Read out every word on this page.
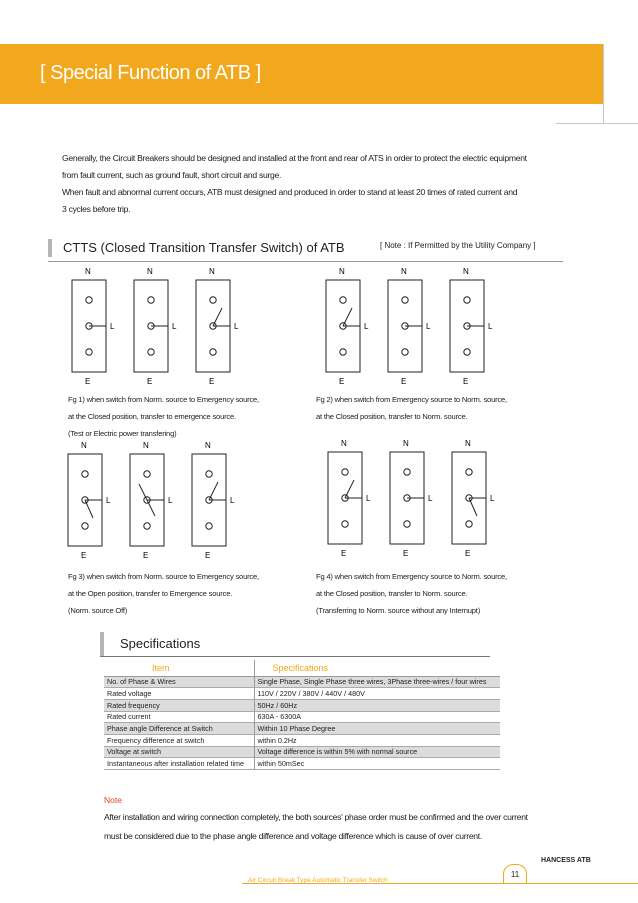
[ Special Function of ATB ]
Generally, the Circuit Breakers should be designed and installed at the front and rear of ATS in order to protect the electric equipment
from fault current, such as ground fault, short circuit and surge.
When fault and abnormal current occurs, ATB must designed and produced in order to stand at least 20 times of rated current and
3 cycles before trip.
CTTS (Closed Transition Transfer Switch) of ATB	[ Note : If Permitted by the Utility Company ]
N
E
L
N
E
L
N
E
L
N
E
L
N
E
L
N
E
L
N
E
L
N
E
L
N
E
L
N
E
L
N
E
L
N
E
L
Fg 1) when switch from Norm. source to Emergency source,
at the Closed position, transfer to emergence source.
(Test or Electric power transfering)
Fg 2) when switch from Emergency source to Norm. source,
at the Closed position, transfer to Norm. source.
Fg 3) when switch from Norm. source to Emergency source,
at the Open position, transfer to Emergence source.
(Norm. source Off)
Fg 4) when switch from Emergency source to Norm. source,
at the Closed position, transfer to Norm. source.
(Transferring to Norm. source without any Internupt)
Specifications
Item	Specifications
No. of Phase & Wires	Single Phase, Single Phase three wires, 3Phase three-wires / four wires
Rated voltage	110V / 220V / 380V / 440V / 480V
Rated frequency	50Hz / 60Hz
Rated current	630A - 6300A
Phase angle Difference at Switch	Within 10 Phase Degree
Frequency difference at switch	within 0.2Hz
Voltage at switch	Voltage difference is within 5% with normal source
Instantaneous after installation related time	within 50mSec
Note
After installation and wiring connection completely, the both sources' phase order must be confirmed and the over current
must be considered due to the phase angle difference and voltage difference which is cause of over current.
HANCESS ATB
11
Air Circuit Break Type Automatic Transfer Switch
